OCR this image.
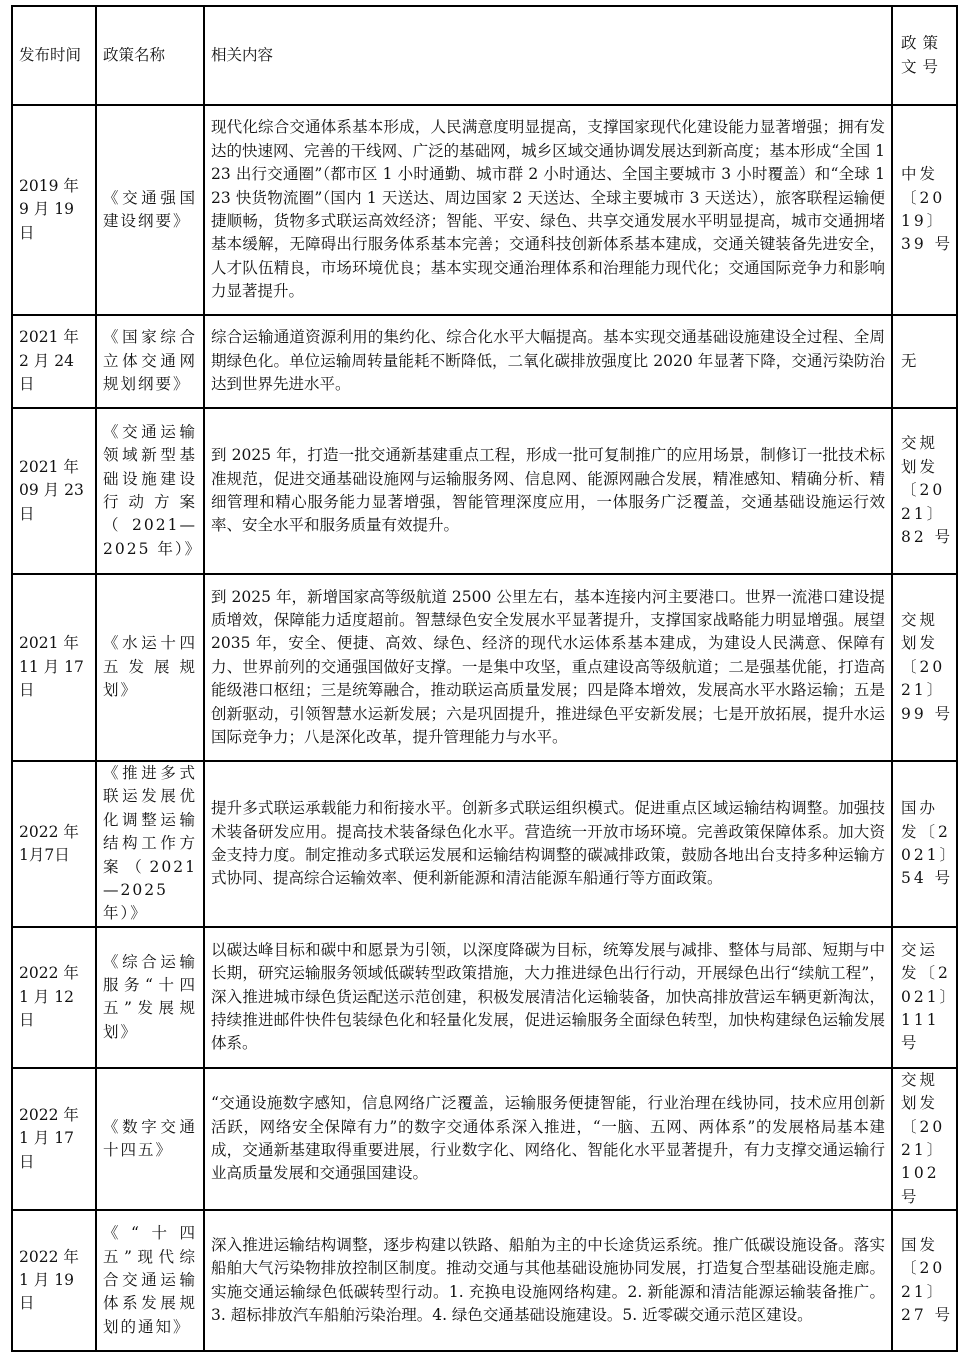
发布时间	政策名称	相关内容	政策文号
2019 年 9 月 19 日	《交通强国建设纲要》	现代化综合交通体系基本形成，人民满意度明显提高，支撑国家现代化建设能力显著增强；拥有发达的快速网、完善的干线网、广泛的基础网，城乡区域交通协调发展达到新高度；基本形成“全国 123 出行交通圈”（都市区 1 小时通勤、城市群 2 小时通达、全国主要城市 3 小时覆盖）和“全球 123 快货物流圈”（国内 1 天送达、周边国家 2 天送达、全球主要城市 3 天送达），旅客联程运输便捷顺畅，货物多式联运高效经济；智能、平安、绿色、共享交通发展水平明显提高，城市交通拥堵基本缓解，无障碍出行服务体系基本完善；交通科技创新体系基本建成，交通关键装备先进安全，人才队伍精良，市场环境优良；基本实现交通治理体系和治理能力现代化；交通国际竞争力和影响力显著提升。	中发〔2019〕39 号
2021 年 2 月 24 日	《国家综合立体交通网规划纲要》	综合运输通道资源利用的集约化、综合化水平大幅提高。基本实现交通基础设施建设全过程、全周期绿色化。单位运输周转量能耗不断降低，二氧化碳排放强度比 2020 年显著下降，交通污染防治达到世界先进水平。	无
2021 年 09 月 23 日	《交通运输领域新型基础设施建设行动方案（2021—2025 年）》	到 2025 年，打造一批交通新基建重点工程，形成一批可复制推广的应用场景，制修订一批技术标准规范，促进交通基础设施网与运输服务网、信息网、能源网融合发展，精准感知、精确分析、精细管理和精心服务能力显著增强，智能管理深度应用，一体服务广泛覆盖，交通基础设施运行效率、安全水平和服务质量有效提升。	交规划发〔2021〕82 号
2021 年 11 月 17 日	《水运十四五发展规划》	到 2025 年，新增国家高等级航道 2500 公里左右，基本连接内河主要港口。世界一流港口建设提质增效，保障能力适度超前。智慧绿色安全发展水平显著提升，支撑国家战略能力明显增强。展望 2035 年，安全、便捷、高效、绿色、经济的现代水运体系基本建成，为建设人民满意、保障有力、世界前列的交通强国做好支撑。一是集中攻坚，重点建设高等级航道；二是强基优能，打造高能级港口枢纽；三是统筹融合，推动联运高质量发展；四是降本增效，发展高水平水路运输；五是创新驱动，引领智慧水运新发展；六是巩固提升，推进绿色平安新发展；七是开放拓展，提升水运国际竞争力；八是深化改革，提升管理能力与水平。	交规划发〔2021〕99 号
2022 年 1月7日	《推进多式联运发展优化调整运输结构工作方案（2021—2025 年）》	提升多式联运承载能力和衔接水平。创新多式联运组织模式。促进重点区域运输结构调整。加强技术装备研发应用。提高技术装备绿色化水平。营造统一开放市场环境。完善政策保障体系。加大资金支持力度。制定推动多式联运发展和运输结构调整的碳减排政策，鼓励各地出台支持多种运输方式协同、提高综合运输效率、便利新能源和清洁能源车船通行等方面政策。	国办发〔2021〕54 号
2022 年 1 月 12 日	《综合运输服务“十四五”发展规划》	以碳达峰目标和碳中和愿景为引领，以深度降碳为目标，统筹发展与减排、整体与局部、短期与中长期，研究运输服务领域低碳转型政策措施，大力推进绿色出行行动，开展绿色出行“续航工程”，深入推进城市绿色货运配送示范创建，积极发展清洁化运输装备，加快高排放营运车辆更新淘汰，持续推进邮件快件包装绿色化和轻量化发展，促进运输服务全面绿色转型，加快构建绿色运输发展体系。	交运发〔2021〕111 号
2022 年 1 月 17 日	《数字交通十四五》	“交通设施数字感知，信息网络广泛覆盖，运输服务便捷智能，行业治理在线协同，技术应用创新活跃，网络安全保障有力”的数字交通体系深入推进，“一脑、五网、两体系”的发展格局基本建成，交通新基建取得重要进展，行业数字化、网络化、智能化水平显著提升，有力支撑交通运输行业高质量发展和交通强国建设。	交规划发〔2021〕102 号
2022 年 1 月 19 日	《“十四五”现代综合交通运输体系发展规划的通知》	深入推进运输结构调整，逐步构建以铁路、船舶为主的中长途货运系统。推广低碳设施设备。落实船舶大气污染物排放控制区制度。推动交通与其他基础设施协同发展，打造复合型基础设施走廊。实施交通运输绿色低碳转型行动。1. 充换电设施网络构建。2. 新能源和清洁能源运输装备推广。3. 超标排放汽车船舶污染治理。4. 绿色交通基础设施建设。5. 近零碳交通示范区建设。	国发〔2021〕27 号
